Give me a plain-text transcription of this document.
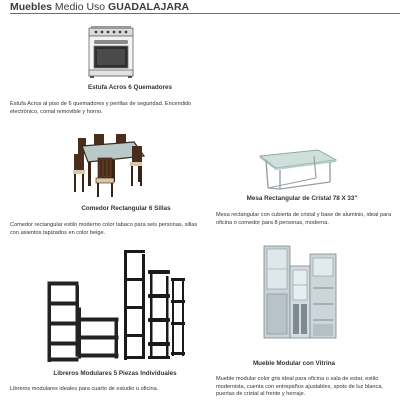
Muebles Medio Uso GUADALAJARA
Estufa Acros 6 Quemadores
Estufa Acros al piso de 6 quemadores y perillas de seguridad. Encendido electrónico, comal removible y horno.
Comedor Rectangular 6 Sillas
Comedor rectangular estilo moderno color tabaco para seis personas, sillas con asientos tapizados en color beige.
Mesa Rectangular de Cristal 78 X 33"
Mesa rectangular con cubierta de cristal y base de aluminio, ideal para oficina o comedor para 8 personas, moderna.
Libreros Modulares 5 Piezas Individuales
Libreros modulares ideales para cuarto de estudio u oficina.
Mueble Modular con Vitrina
Mueble modular color gris ideal para oficina o sala de estar, estilo modernista, cuenta con entrepaños ajustables, spots de luz blanca, puertas de cristal al frente y herraje.
